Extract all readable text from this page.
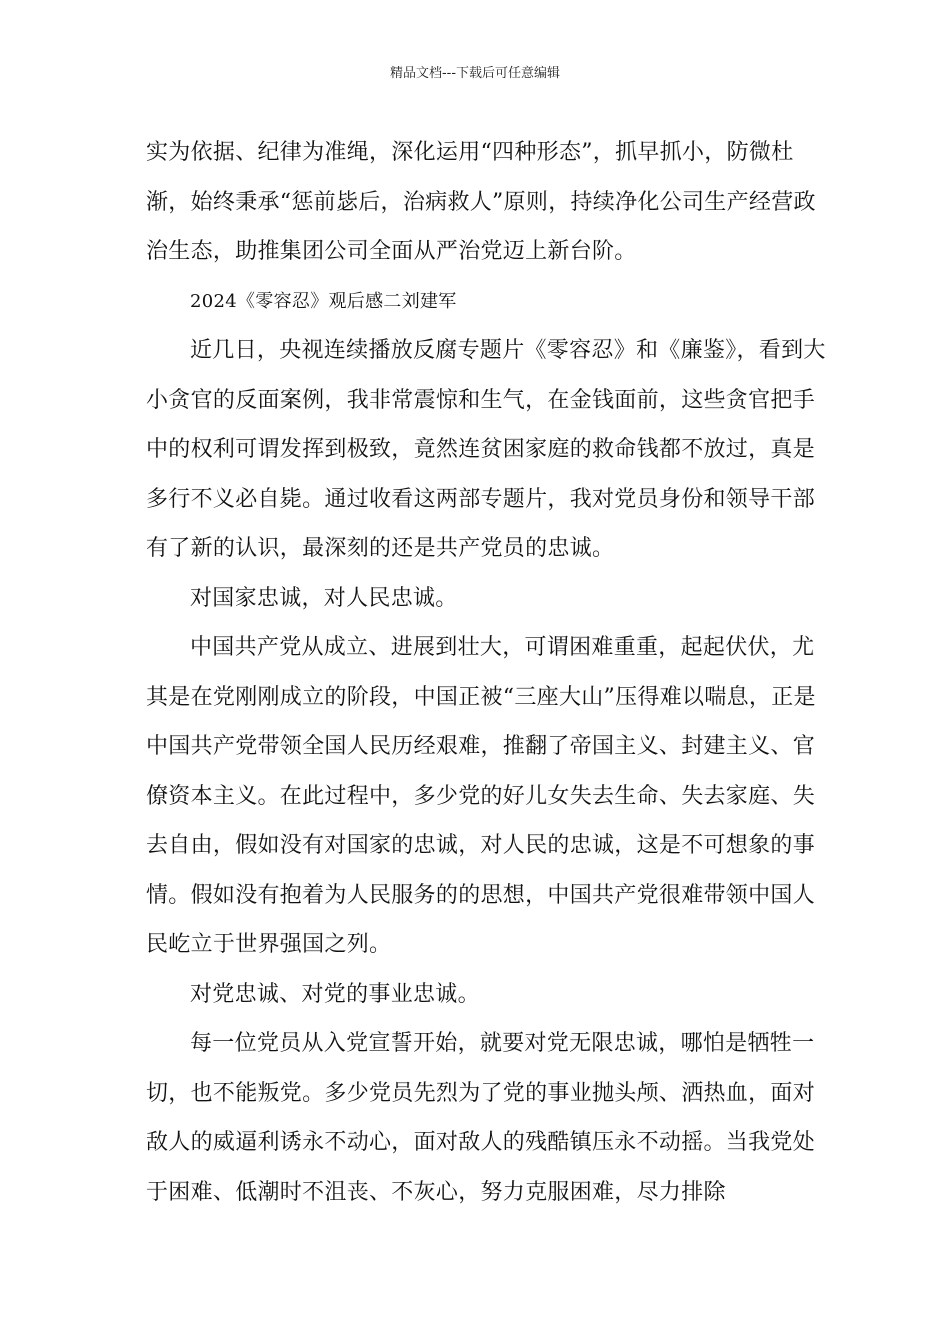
精品文档---下载后可任意编辑

实为依据、纪律为准绳，深化运用“四种形态”，抓早抓小，防微杜渐，始终秉承“惩前毖后，治病救人”原则，持续净化公司生产经营政治生态，助推集团公司全面从严治党迈上新台阶。

2024《零容忍》观后感二刘建军

近几日，央视连续播放反腐专题片《零容忍》和《廉鉴》，看到大小贪官的反面案例，我非常震惊和生气，在金钱面前，这些贪官把手中的权利可谓发挥到极致，竟然连贫困家庭的救命钱都不放过，真是多行不义必自毙。通过收看这两部专题片，我对党员身份和领导干部有了新的认识，最深刻的还是共产党员的忠诚。

对国家忠诚，对人民忠诚。

中国共产党从成立、进展到壮大，可谓困难重重，起起伏伏，尤其是在党刚刚成立的阶段，中国正被“三座大山”压得难以喘息，正是中国共产党带领全国人民历经艰难，推翻了帝国主义、封建主义、官僚资本主义。在此过程中，多少党的好儿女失去生命、失去家庭、失去自由，假如没有对国家的忠诚，对人民的忠诚，这是不可想象的事情。假如没有抱着为人民服务的的思想，中国共产党很难带领中国人民屹立于世界强国之列。

对党忠诚、对党的事业忠诚。

每一位党员从入党宣誓开始，就要对党无限忠诚，哪怕是牺牲一切，也不能叛党。多少党员先烈为了党的事业抛头颅、洒热血，面对敌人的威逼利诱永不动心，面对敌人的残酷镇压永不动摇。当我党处于困难、低潮时不沮丧、不灰心，努力克服困难，尽力排除
